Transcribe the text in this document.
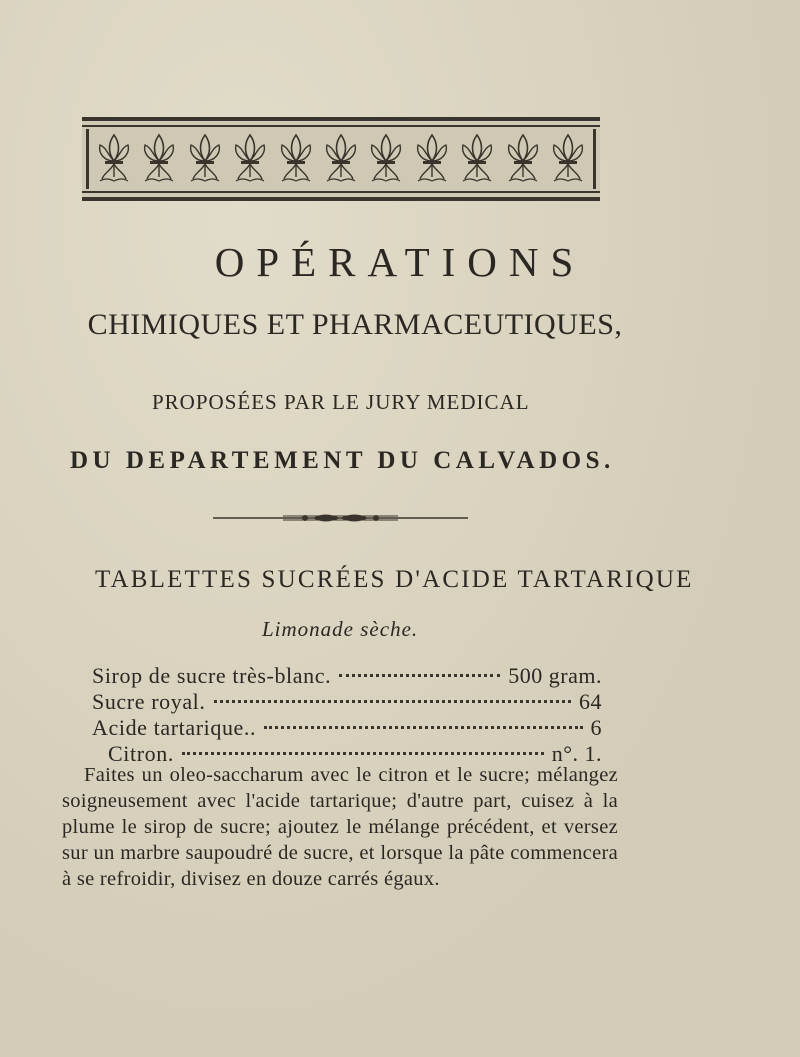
OPÉRATIONS
CHIMIQUES ET PHARMACEUTIQUES,
PROPOSÉES PAR LE JURY MEDICAL
DU DEPARTEMENT DU CALVADOS.
TABLETTES SUCRÉES D'ACIDE TARTARIQUE
Limonade sèche.
Sirop de sucre très-blanc.	500 gram.
Sucre royal.	64
Acide tartarique..	6
Citron.	n°. 1.
Faites un oleo-saccharum avec le citron et le sucre; mélangez soigneusement avec l'acide tartarique; d'autre part, cuisez à la plume le sirop de sucre; ajoutez le mélange précédent, et versez sur un marbre saupoudré de sucre, et lorsque la pâte commencera à se refroidir, divisez en douze carrés égaux.
